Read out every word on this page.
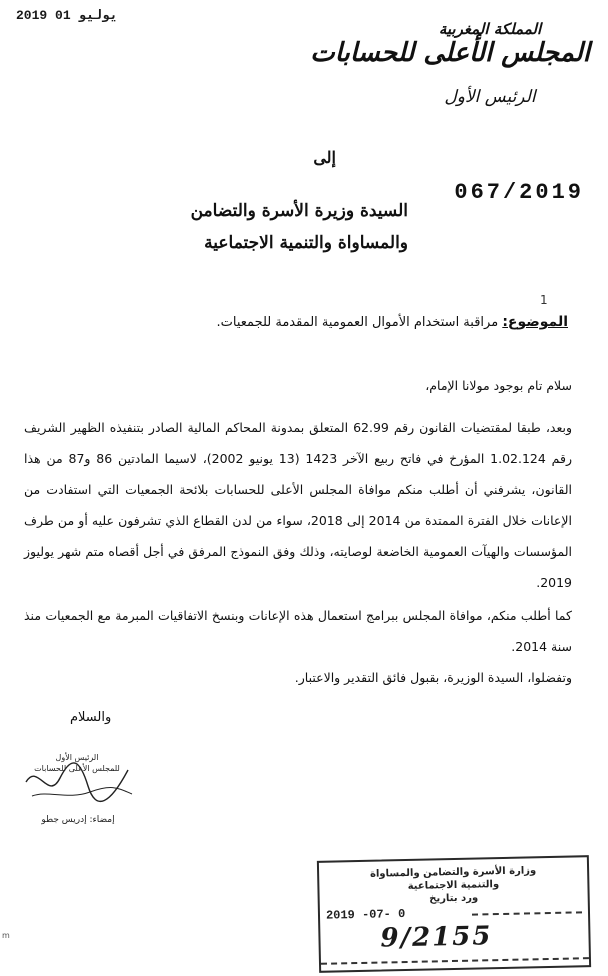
2019 يوليو 01
المملكة المغربية
المجلس الأعلى للحسابات
الرئيس الأول
067/2019
إلى
السيدة وزيرة الأسرة والتضامن
والمساواة والتنمية الاجتماعية
1
الموضوع: مراقبة استخدام الأموال العمومية المقدمة للجمعيات.
سلام تام بوجود مولانا الإمام،
وبعد، طبقا لمقتضيات القانون رقم 62.99 المتعلق بمدونة المحاكم المالية الصادر بتنفيذه الظهير الشريف رقم 1.02.124 المؤرخ في فاتح ربيع الآخر 1423 (13 يونيو 2002)، لاسيما المادتين 86 و87 من هذا القانون، يشرفني أن أطلب منكم موافاة المجلس الأعلى للحسابات بلائحة الجمعيات التي استفادت من الإعانات خلال الفترة الممتدة من 2014 إلى 2018، سواء من لدن القطاع الذي تشرفون عليه أو من طرف المؤسسات والهيآت العمومية الخاضعة لوصايته، وذلك وفق النموذج المرفق في أجل أقصاه متم شهر يوليوز 2019.
كما أطلب منكم، موافاة المجلس ببرامج استعمال هذه الإعانات وبنسخ الاتفاقيات المبرمة مع الجمعيات منذ سنة 2014.
وتفضلوا، السيدة الوزيرة، بقبول فائق التقدير والاعتبار.
والسلام
الرئيس الأول
للمجلس الأعلى للحسابات
إمضاء: إدريس جطو
وزارة الأسرة والتضامن والمساواة
والتنمية الاجتماعية
ورد بتاريخ
2019 -07- 0
9/2155
m
